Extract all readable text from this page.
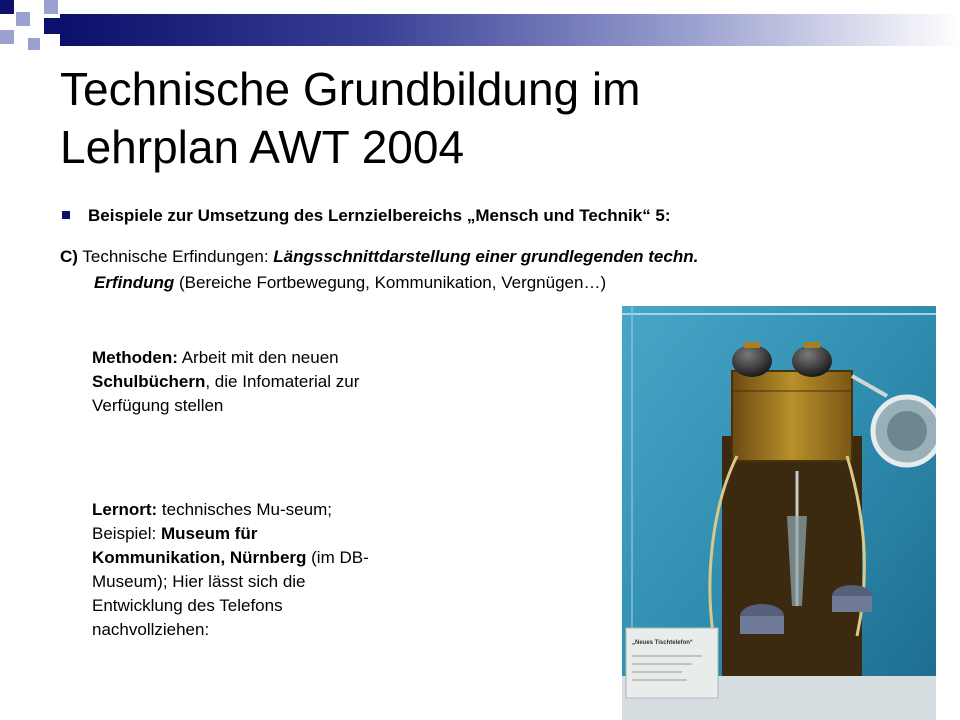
Technische Grundbildung im
Lehrplan AWT 2004
Beispiele zur Umsetzung des Lernzielbereichs „Mensch und Technik“ 5:
C) Technische Erfindungen: Längsschnittdarstellung einer grundlegenden techn.
Erfindung (Bereiche Fortbewegung, Kommunikation, Vergnügen…)
Methoden: Arbeit mit den neuen Schulbüchern, die Infomaterial zur Verfügung stellen
Lernort: technisches Mu-seum; Beispiel: Museum für Kommunikation, Nürnberg (im DB-Museum); Hier lässt sich die Entwicklung des Telefons nachvollziehen:
„Neues Tischtelefon“
